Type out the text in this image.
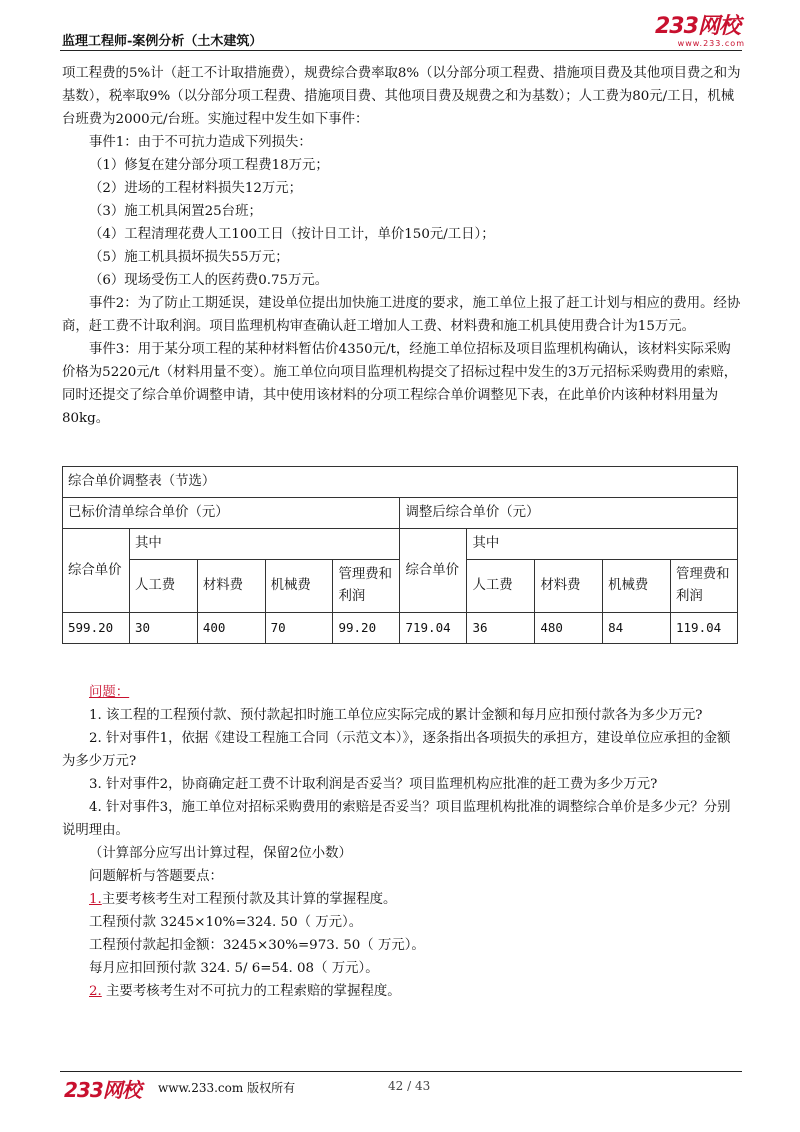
监理工程师-案例分析（土木建筑）
233网校
www.233.com

项工程费的5%计（赶工不计取措施费），规费综合费率取8%（以分部分项工程费、措施项目费及其他项目费之和为基数），税率取9%（以分部分项工程费、措施项目费、其他项目费及规费之和为基数）；人工费为80元/工日，机械台班费为2000元/台班。实施过程中发生如下事件：

事件1：由于不可抗力造成下列损失：

（1）修复在建分部分项工程费18万元；

（2）进场的工程材料损失12万元；

（3）施工机具闲置25台班；

（4）工程清理花费人工100工日（按计日工计，单价150元/工日）；

（5）施工机具损坏损失55万元；

（6）现场受伤工人的医药费0.75万元。

事件2：为了防止工期延误，建设单位提出加快施工进度的要求，施工单位上报了赶工计划与相应的费用。经协商，赶工费不计取利润。项目监理机构审查确认赶工增加人工费、材料费和施工机具使用费合计为15万元。

事件3：用于某分项工程的某种材料暂估价4350元/t，经施工单位招标及项目监理机构确认，该材料实际采购价格为5220元/t（材料用量不变）。施工单位向项目监理机构提交了招标过程中发生的3万元招标采购费用的索赔，同时还提交了综合单价调整申请，其中使用该材料的分项工程综合单价调整见下表，在此单价内该种材料用量为80kg。

综合单价调整表（节选）									
已标价清单综合单价（元）					调整后综合单价（元）				
综合单价	其中				综合单价	其中			
	人工费	材料费	机械费	管理费和利润		人工费	材料费	机械费	管理费和利润
599.20	30	400	70	99.20	719.04	36	480	84	119.04

问题：

1. 该工程的工程预付款、预付款起扣时施工单位应实际完成的累计金额和每月应扣预付款各为多少万元?

2. 针对事件1，依据《建设工程施工合同（示范文本）》，逐条指出各项损失的承担方，建设单位应承担的金额为多少万元?

3. 针对事件2，协商确定赶工费不计取利润是否妥当？项目监理机构应批准的赶工费为多少万元?

4. 针对事件3，施工单位对招标采购费用的索赔是否妥当？项目监理机构批准的调整综合单价是多少元？分别说明理由。

（计算部分应写出计算过程，保留2位小数）

问题解析与答题要点：

1.主要考核考生对工程预付款及其计算的掌握程度。

工程预付款 3245×10%=324. 50（ 万元）。

工程预付款起扣金额：3245×30%=973. 50（ 万元）。

每月应扣回预付款 324. 5/ 6=54. 08（ 万元）。

2. 主要考核考生对不可抗力的工程索赔的掌握程度。

233网校 www.233.com 版权所有	42 / 43
